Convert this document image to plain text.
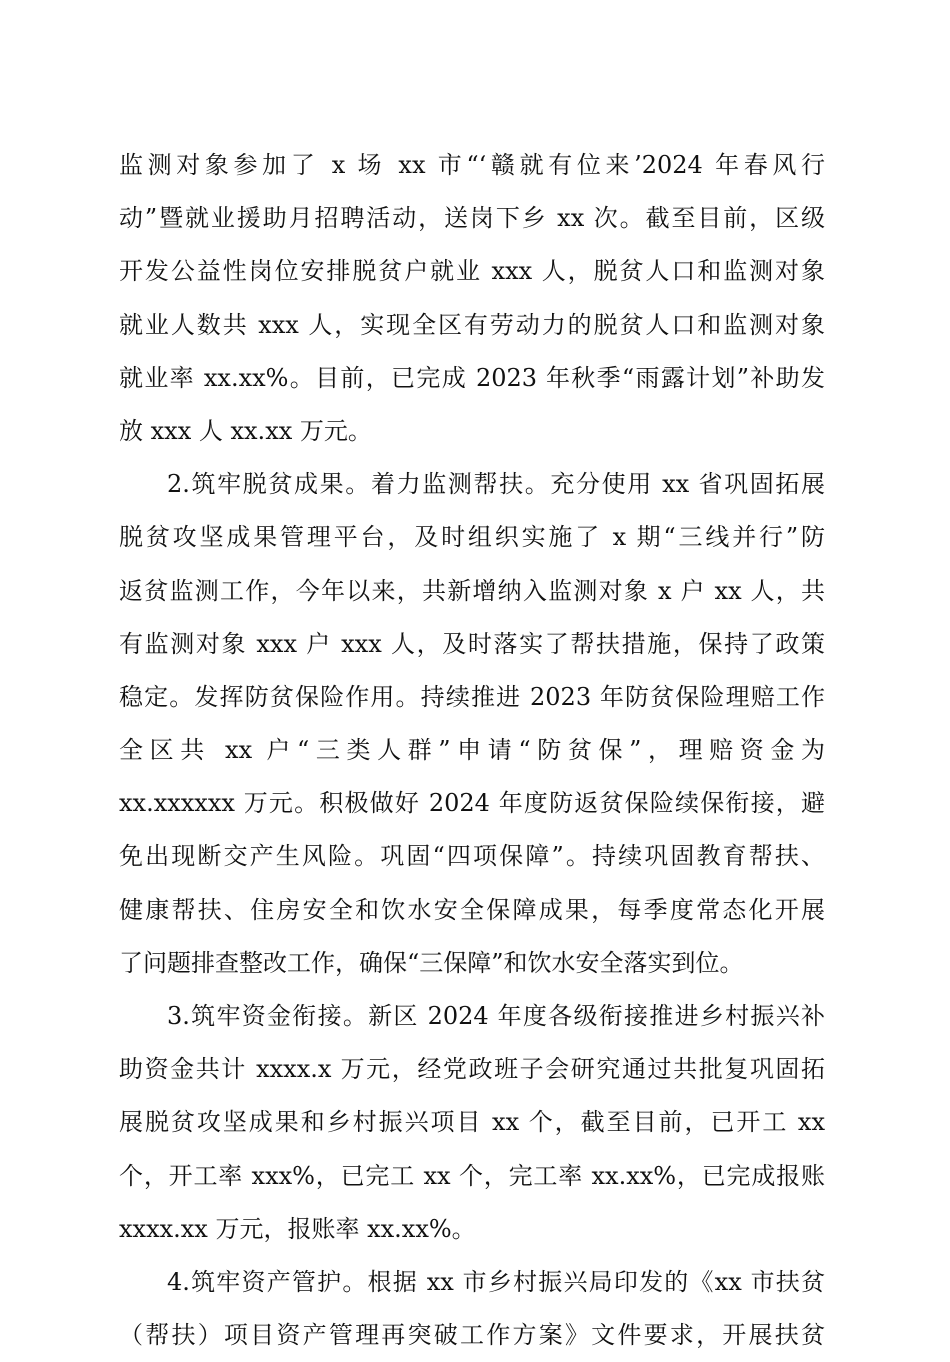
监测对象参加了 x 场 xx 市“‘赣就有位来’2024 年春风行
动”暨就业援助月招聘活动，送岗下乡 xx 次。截至目前，区级
开发公益性岗位安排脱贫户就业 xxx 人，脱贫人口和监测对象
就业人数共 xxx 人，实现全区有劳动力的脱贫人口和监测对象
就业率 xx.xx%。目前，已完成 2023 年秋季“雨露计划”补助发
放 xxx 人 xx.xx 万元。
2.筑牢脱贫成果。着力监测帮扶。充分使用 xx 省巩固拓展
脱贫攻坚成果管理平台，及时组织实施了 x 期“三线并行”防
返贫监测工作，今年以来，共新增纳入监测对象 x 户 xx 人，共
有监测对象 xxx 户 xxx 人，及时落实了帮扶措施，保持了政策
稳定。发挥防贫保险作用。持续推进 2023 年防贫保险理赔工作
全区共 xx 户“三类人群”申请“防贫保”，理赔资金为
xx.xxxxxx 万元。积极做好 2024 年度防返贫保险续保衔接，避
免出现断交产生风险。巩固“四项保障”。持续巩固教育帮扶、
健康帮扶、住房安全和饮水安全保障成果，每季度常态化开展
了问题排查整改工作，确保“三保障”和饮水安全落实到位。
3.筑牢资金衔接。新区 2024 年度各级衔接推进乡村振兴补
助资金共计 xxxx.x 万元，经党政班子会研究通过共批复巩固拓
展脱贫攻坚成果和乡村振兴项目 xx 个，截至目前，已开工 xx
个，开工率 xxx%，已完工 xx 个，完工率 xx.xx%，已完成报账
xxxx.xx 万元，报账率 xx.xx%。
4.筑牢资产管护。根据 xx 市乡村振兴局印发的《xx 市扶贫
（帮扶）项目资产管理再突破工作方案》文件要求，开展扶贫
